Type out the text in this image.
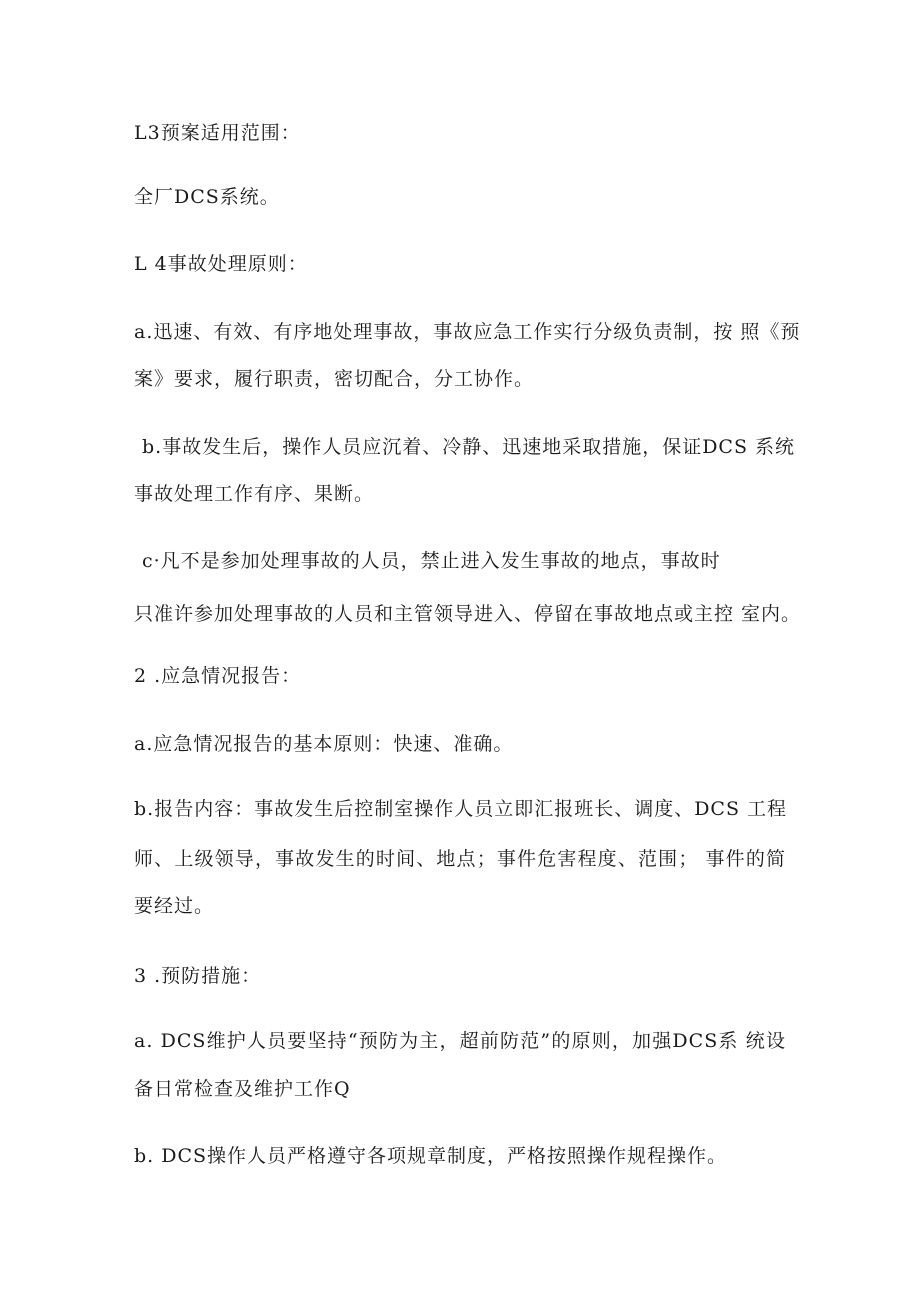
L3预案适用范围：
全厂DCS系统。
L 4事故处理原则：
a.迅速、有效、有序地处理事故，事故应急工作实行分级负责制，按 照《预
案》要求，履行职责，密切配合，分工协作。
b.事故发生后，操作人员应沉着、冷静、迅速地采取措施，保证DCS 系统
事故处理工作有序、果断。
c·凡不是参加处理事故的人员，禁止进入发生事故的地点，事故时
只准许参加处理事故的人员和主管领导进入、停留在事故地点或主控 室内。
2 .应急情况报告：
a.应急情况报告的基本原则：快速、准确。
b.报告内容：事故发生后控制室操作人员立即汇报班长、调度、DCS 工程
师、上级领导，事故发生的时间、地点；事件危害程度、范围； 事件的简
要经过。
3 .预防措施：
a. DCS维护人员要坚持“预防为主，超前防范”的原则，加强DCS系 统设
备日常检查及维护工作Q
b. DCS操作人员严格遵守各项规章制度，严格按照操作规程操作。
